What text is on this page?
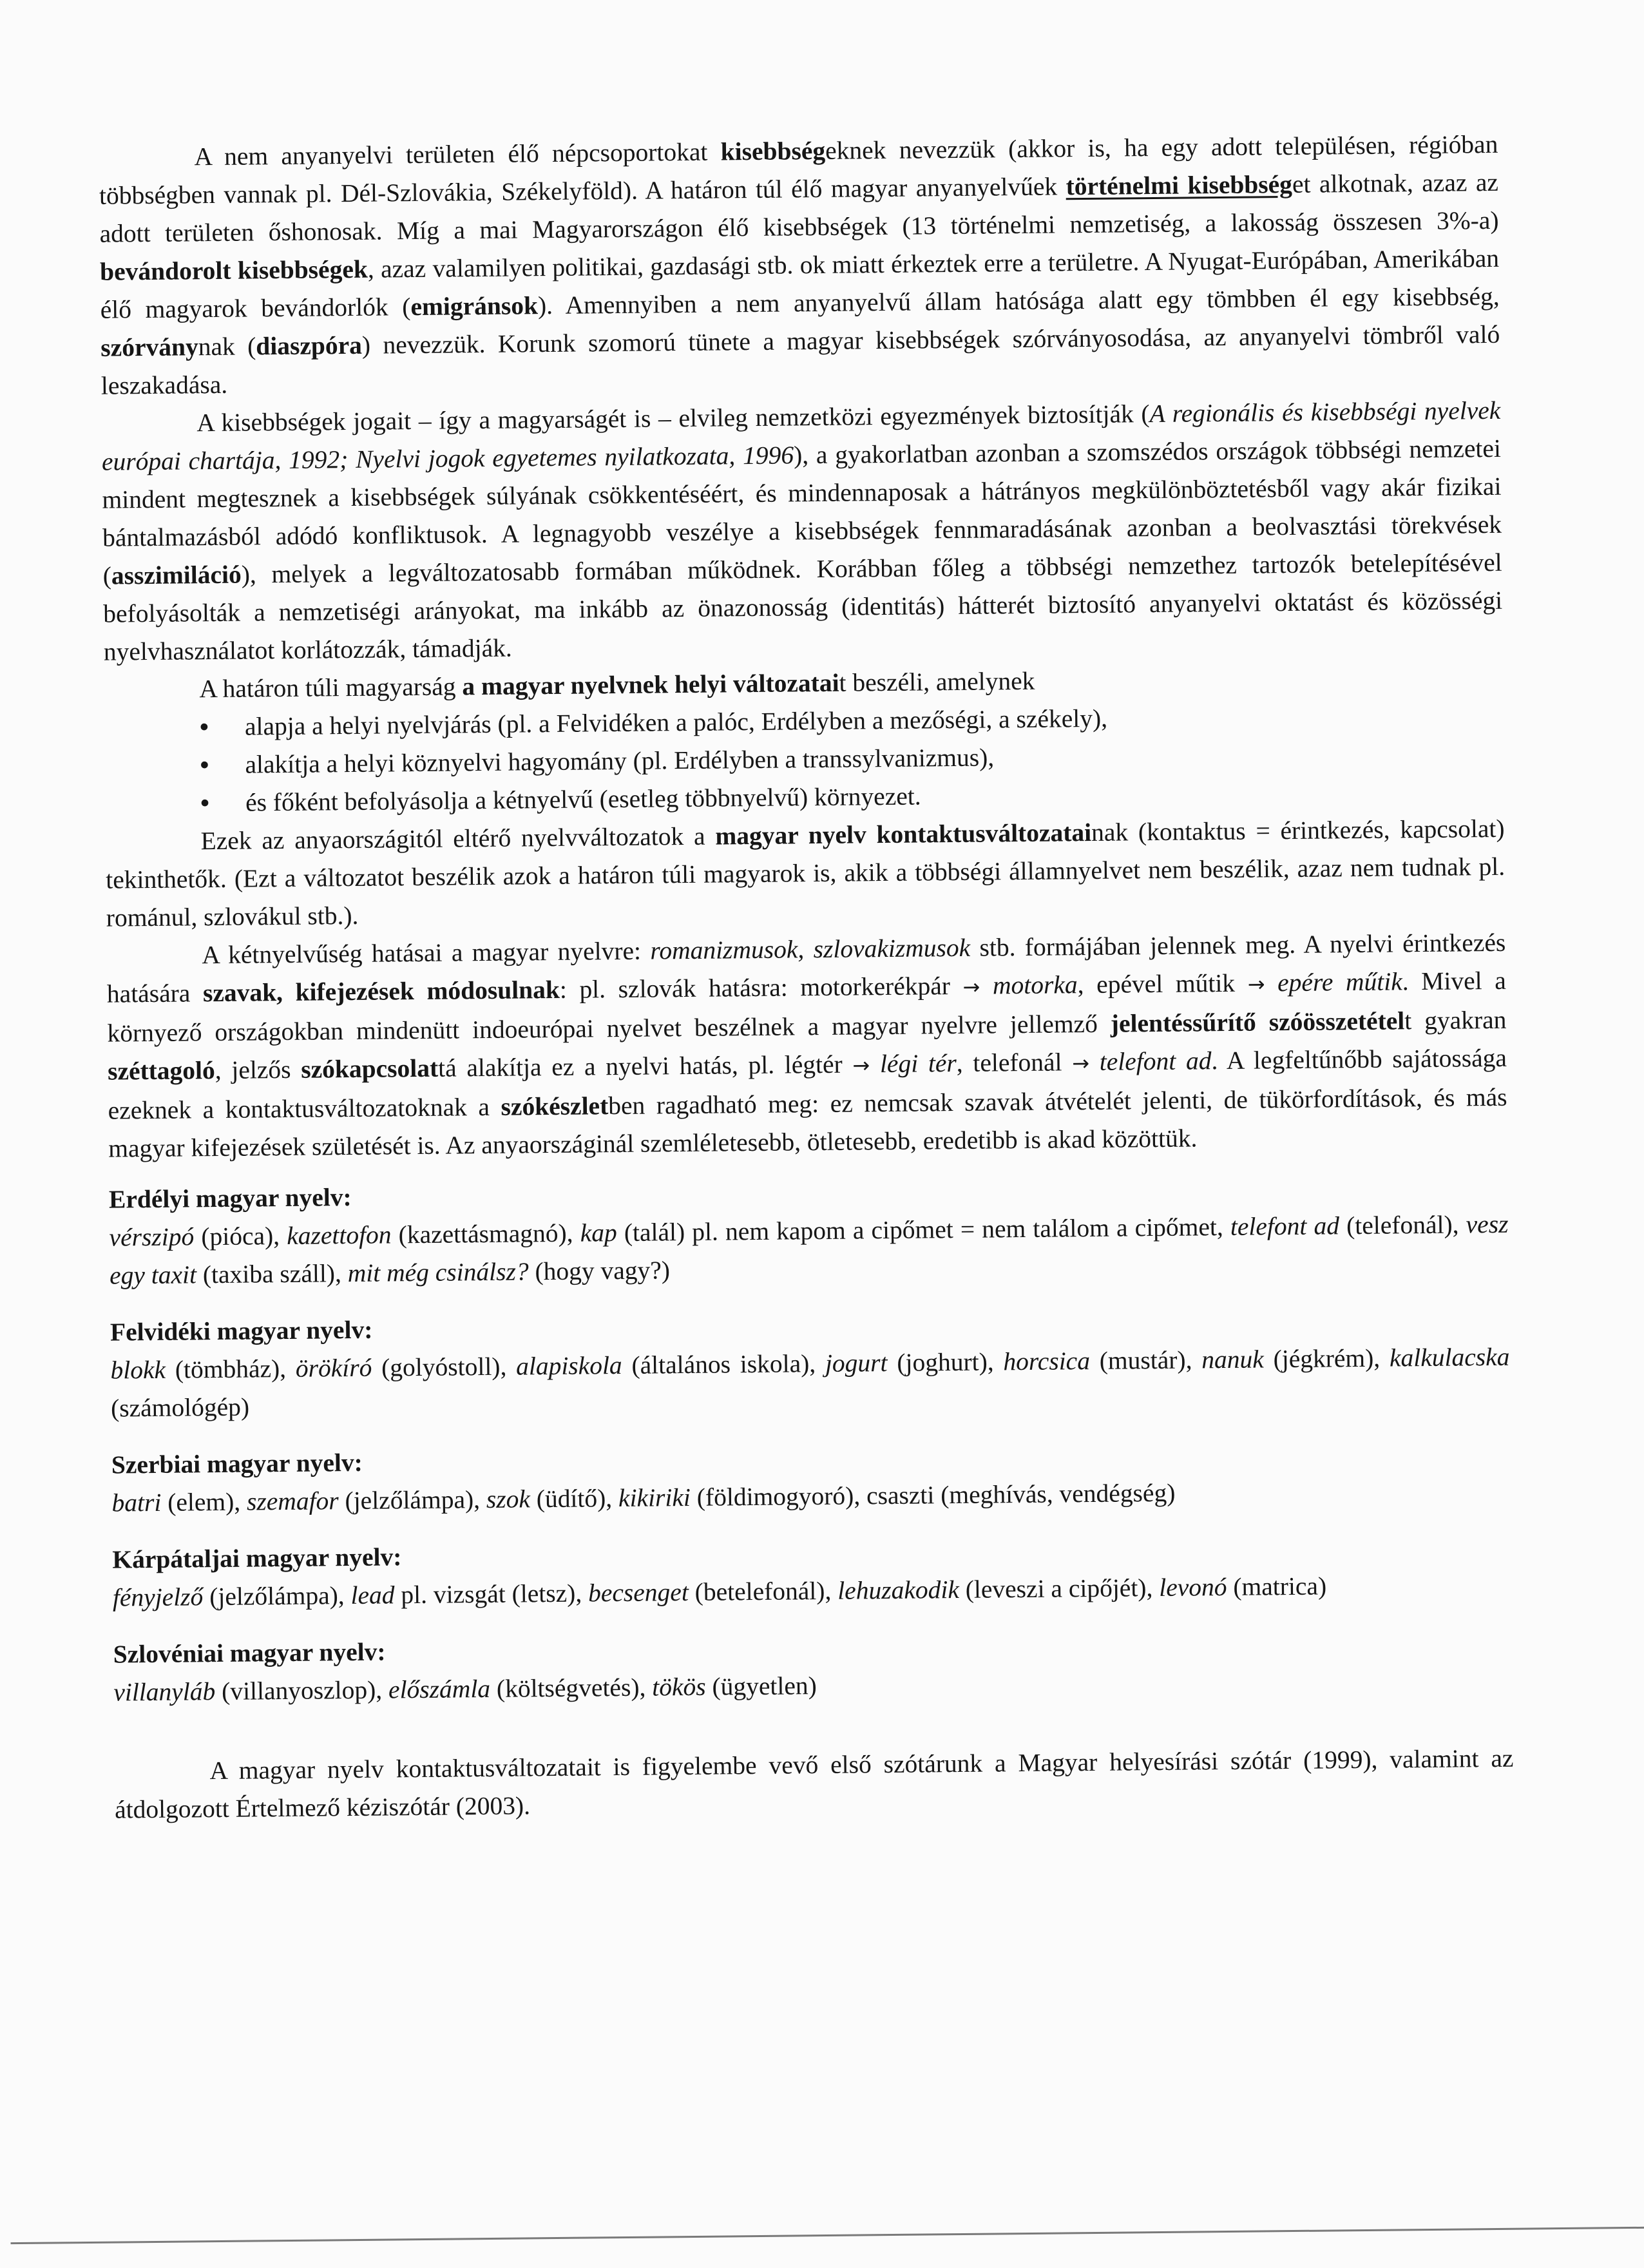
A nem anyanyelvi területen élő népcsoportokat kisebbségeknek nevezzük (akkor is, ha egy adott településen, régióban többségben vannak pl. Dél-Szlovákia, Székelyföld). A határon túl élő magyar anyanyelvűek történelmi kisebbséget alkotnak, azaz az adott területen őshonosak. Míg a mai Magyarországon élő kisebbségek (13 történelmi nemzetiség, a lakosság összesen 3%-a) bevándorolt kisebbségek, azaz valamilyen politikai, gazdasági stb. ok miatt érkeztek erre a területre. A Nyugat-Európában, Amerikában élő magyarok bevándorlók (emigránsok). Amennyiben a nem anyanyelvű állam hatósága alatt egy tömbben él egy kisebbség, szórványnak (diaszpóra) nevezzük. Korunk szomorú tünete a magyar kisebbségek szórványosodása, az anyanyelvi tömbről való leszakadása.

A kisebbségek jogait – így a magyarságét is – elvileg nemzetközi egyezmények biztosítják (A regionális és kisebbségi nyelvek európai chartája, 1992; Nyelvi jogok egyetemes nyilatkozata, 1996), a gyakorlatban azonban a szomszédos országok többségi nemzetei mindent megtesznek a kisebbségek súlyának csökkentéséért, és mindennaposak a hátrányos megkülönböztetésből vagy akár fizikai bántalmazásból adódó konfliktusok. A legnagyobb veszélye a kisebbségek fennmaradásának azonban a beolvasztási törekvések (asszimiláció), melyek a legváltozatosabb formában működnek. Korábban főleg a többségi nemzethez tartozók betelepítésével befolyásolták a nemzetiségi arányokat, ma inkább az önazonosság (identitás) hátterét biztosító anyanyelvi oktatást és közösségi nyelvhasználatot korlátozzák, támadják.

A határon túli magyarság a magyar nyelvnek helyi változatait beszéli, amelynek

• alapja a helyi nyelvjárás (pl. a Felvidéken a palóc, Erdélyben a mezőségi, a székely),
• alakítja a helyi köznyelvi hagyomány (pl. Erdélyben a transsylvanizmus),
• és főként befolyásolja a kétnyelvű (esetleg többnyelvű) környezet.

Ezek az anyaországitól eltérő nyelvváltozatok a magyar nyelv kontaktusváltozatainak (kontaktus = érintkezés, kapcsolat) tekinthetők. (Ezt a változatot beszélik azok a határon túli magyarok is, akik a többségi államnyelvet nem beszélik, azaz nem tudnak pl. románul, szlovákul stb.).

A kétnyelvűség hatásai a magyar nyelvre: romanizmusok, szlovakizmusok stb. formájában jelennek meg. A nyelvi érintkezés hatására szavak, kifejezések módosulnak: pl. szlovák hatásra: motorkerékpár → motorka, epével műtik → epére műtik. Mivel a környező országokban mindenütt indoeurópai nyelvet beszélnek a magyar nyelvre jellemző jelentéssűrítő szóösszetételt gyakran széttagoló, jelzős szókapcsolattá alakítja ez a nyelvi hatás, pl. légtér → légi tér, telefonál → telefont ad. A legfeltűnőbb sajátossága ezeknek a kontaktusváltozatoknak a szókészletben ragadható meg: ez nemcsak szavak átvételét jelenti, de tükörfordítások, és más magyar kifejezések születését is. Az anyaországinál szemléletesebb, ötletesebb, eredetibb is akad közöttük.

Erdélyi magyar nyelv:

vérszipó (pióca), kazettofon (kazettásmagnó), kap (talál) pl. nem kapom a cipőmet = nem találom a cipőmet, telefont ad (telefonál), vesz egy taxit (taxiba száll), mit még csinálsz? (hogy vagy?)

Felvidéki magyar nyelv:

blokk (tömbház), örökíró (golyóstoll), alapiskola (általános iskola), jogurt (joghurt), horcsica (mustár), nanuk (jégkrém), kalkulacska (számológép)

Szerbiai magyar nyelv:

batri (elem), szemafor (jelzőlámpa), szok (üdítő), kikiriki (földimogyoró), csaszti (meghívás, vendégség)

Kárpátaljai magyar nyelv:

fényjelző (jelzőlámpa), lead pl. vizsgát (letsz), becsenget (betelefonál), lehuzakodik (leveszi a cipőjét), levonó (matrica)

Szlovéniai magyar nyelv:

villanyláb (villanyoszlop), előszámla (költségvetés), tökös (ügyetlen)

A magyar nyelv kontaktusváltozatait is figyelembe vevő első szótárunk a Magyar helyesírási szótár (1999), valamint az átdolgozott Értelmező kéziszótár (2003).
